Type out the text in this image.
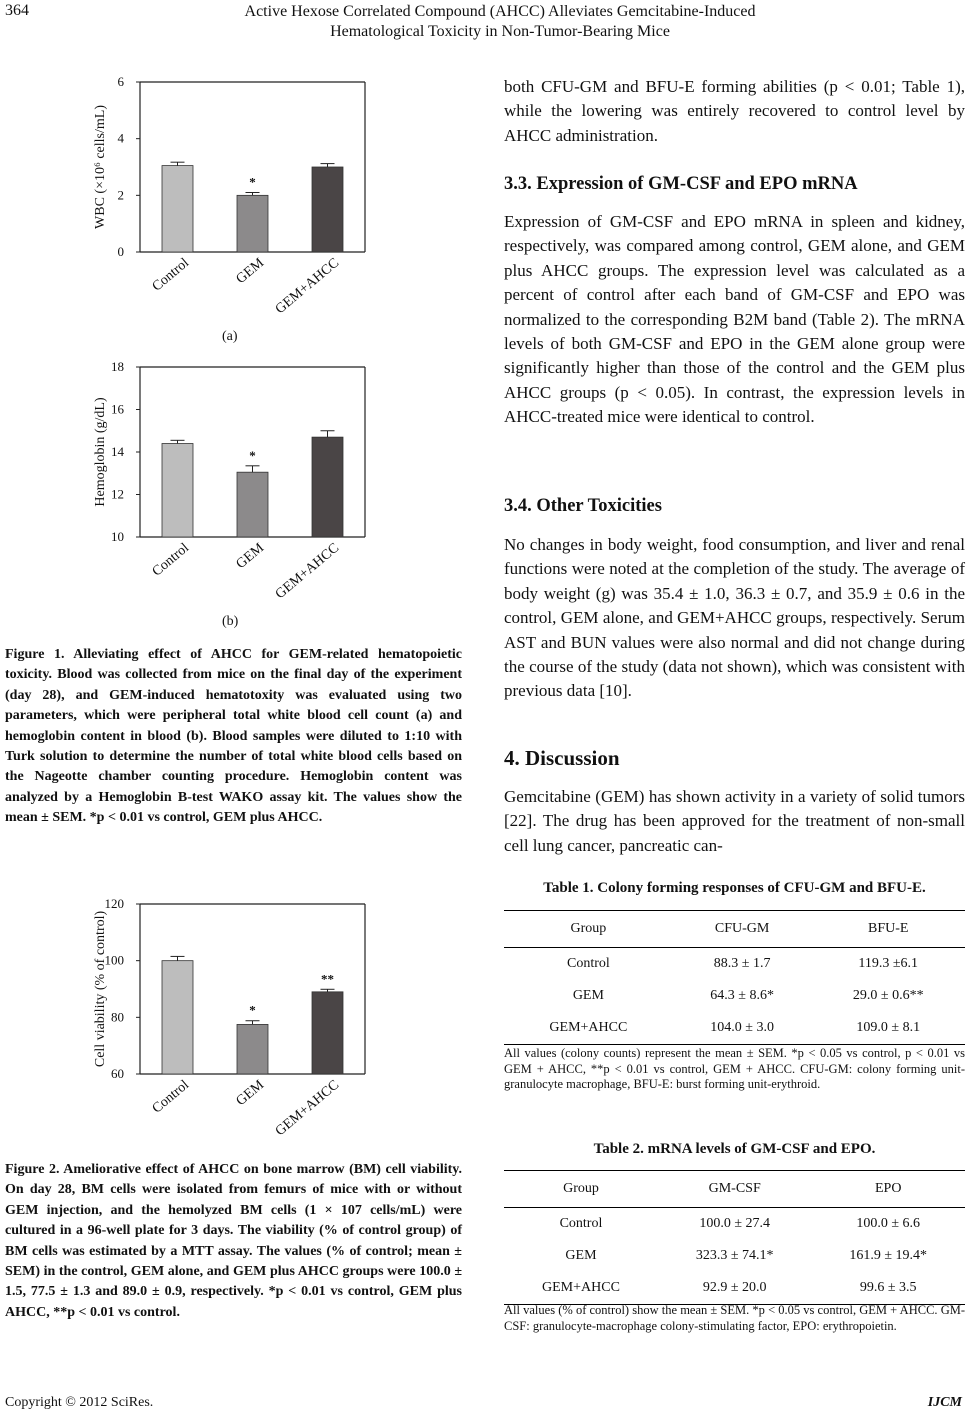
364	Active Hexose Correlated Compound (AHCC) Alleviates Gemcitabine-Induced
Hematological Toxicity in Non-Tumor-Bearing Mice
0
2
4
6
WBC (×10⁶ cells/mL)
Control
*
GEM GEM+AHCC
(a)
10
12
14
16
18
Hemoglobin (g/dL)
Control
*
GEM GEM+AHCC
(b)
Figure 1. Alleviating effect of AHCC for GEM-related hematopoietic toxicity. Blood was collected from mice on the final day of the experiment (day 28), and GEM-induced hematotoxity was evaluated using two parameters, which were peripheral total white blood cell count (a) and hemoglobin content in blood (b). Blood samples were diluted to 1:10 with Turk solution to determine the number of total white blood cells based on the Nageotte chamber counting procedure. Hemoglobin content was analyzed by a Hemoglobin B-test WAKO assay kit. The values show the mean ± SEM. *p < 0.01 vs control, GEM plus AHCC.
60
80
100
120
Cell viability (% of control)
Control
*
GEM
**
GEM+AHCC
Figure 2. Ameliorative effect of AHCC on bone marrow (BM) cell viability. On day 28, BM cells were isolated from femurs of mice with or without GEM injection, and the hemolyzed BM cells (1 × 107 cells/mL) were cultured in a 96-well plate for 3 days. The viability (% of control group) of BM cells was estimated by a MTT assay. The values (% of control; mean ± SEM) in the control, GEM alone, and GEM plus AHCC groups were 100.0 ± 1.5, 77.5 ± 1.3 and 89.0 ± 0.9, respectively. *p < 0.01 vs control, GEM plus AHCC, **p < 0.01 vs control.
both CFU-GM and BFU-E forming abilities (p < 0.01; Table 1), while the lowering was entirely recovered to control level by AHCC administration.
3.3. Expression of GM-CSF and EPO mRNA
Expression of GM-CSF and EPO mRNA in spleen and kidney, respectively, was compared among control, GEM alone, and GEM plus AHCC groups. The expression level was calculated as a percent of control after each band of GM-CSF and EPO was normalized to the corresponding B2M band (Table 2). The mRNA levels of both GM-CSF and EPO in the GEM alone group were significantly higher than those of the control and the GEM plus AHCC groups (p < 0.05). In contrast, the expression levels in AHCC-treated mice were identical to control.
3.4. Other Toxicities
No changes in body weight, food consumption, and liver and renal functions were noted at the completion of the study. The average of body weight (g) was 35.4 ± 1.0, 36.3 ± 0.7, and 35.9 ± 0.6 in the control, GEM alone, and GEM+AHCC groups, respectively. Serum AST and BUN values were also normal and did not change during the course of the study (data not shown), which was consistent with previous data [10].
4. Discussion
Gemcitabine (GEM) has shown activity in a variety of solid tumors [22]. The drug has been approved for the treatment of non-small cell lung cancer, pancreatic can-
Table 1. Colony forming responses of CFU-GM and BFU-E.
Group	CFU-GM	BFU-E
Control	88.3 ± 1.7	119.3 ±6.1
GEM	64.3 ± 8.6*	29.0 ± 0.6**
GEM+AHCC	104.0 ± 3.0	109.0 ± 8.1
All values (colony counts) represent the mean ± SEM. *p < 0.05 vs control, p < 0.01 vs GEM + AHCC, **p < 0.01 vs control, GEM + AHCC. CFU-GM: colony forming unit-granulocyte macrophage, BFU-E: burst forming unit-erythroid.
Table 2. mRNA levels of GM-CSF and EPO.
Group	GM-CSF	EPO
Control	100.0 ± 27.4	100.0 ± 6.6
GEM	323.3 ± 74.1*	161.9 ± 19.4*
GEM+AHCC	92.9 ± 20.0	99.6 ± 3.5
All values (% of control) show the mean ± SEM. *p < 0.05 vs control, GEM + AHCC. GM-CSF: granulocyte-macrophage colony-stimulating factor, EPO: erythropoietin.
Copyright © 2012 SciRes.	IJCM
